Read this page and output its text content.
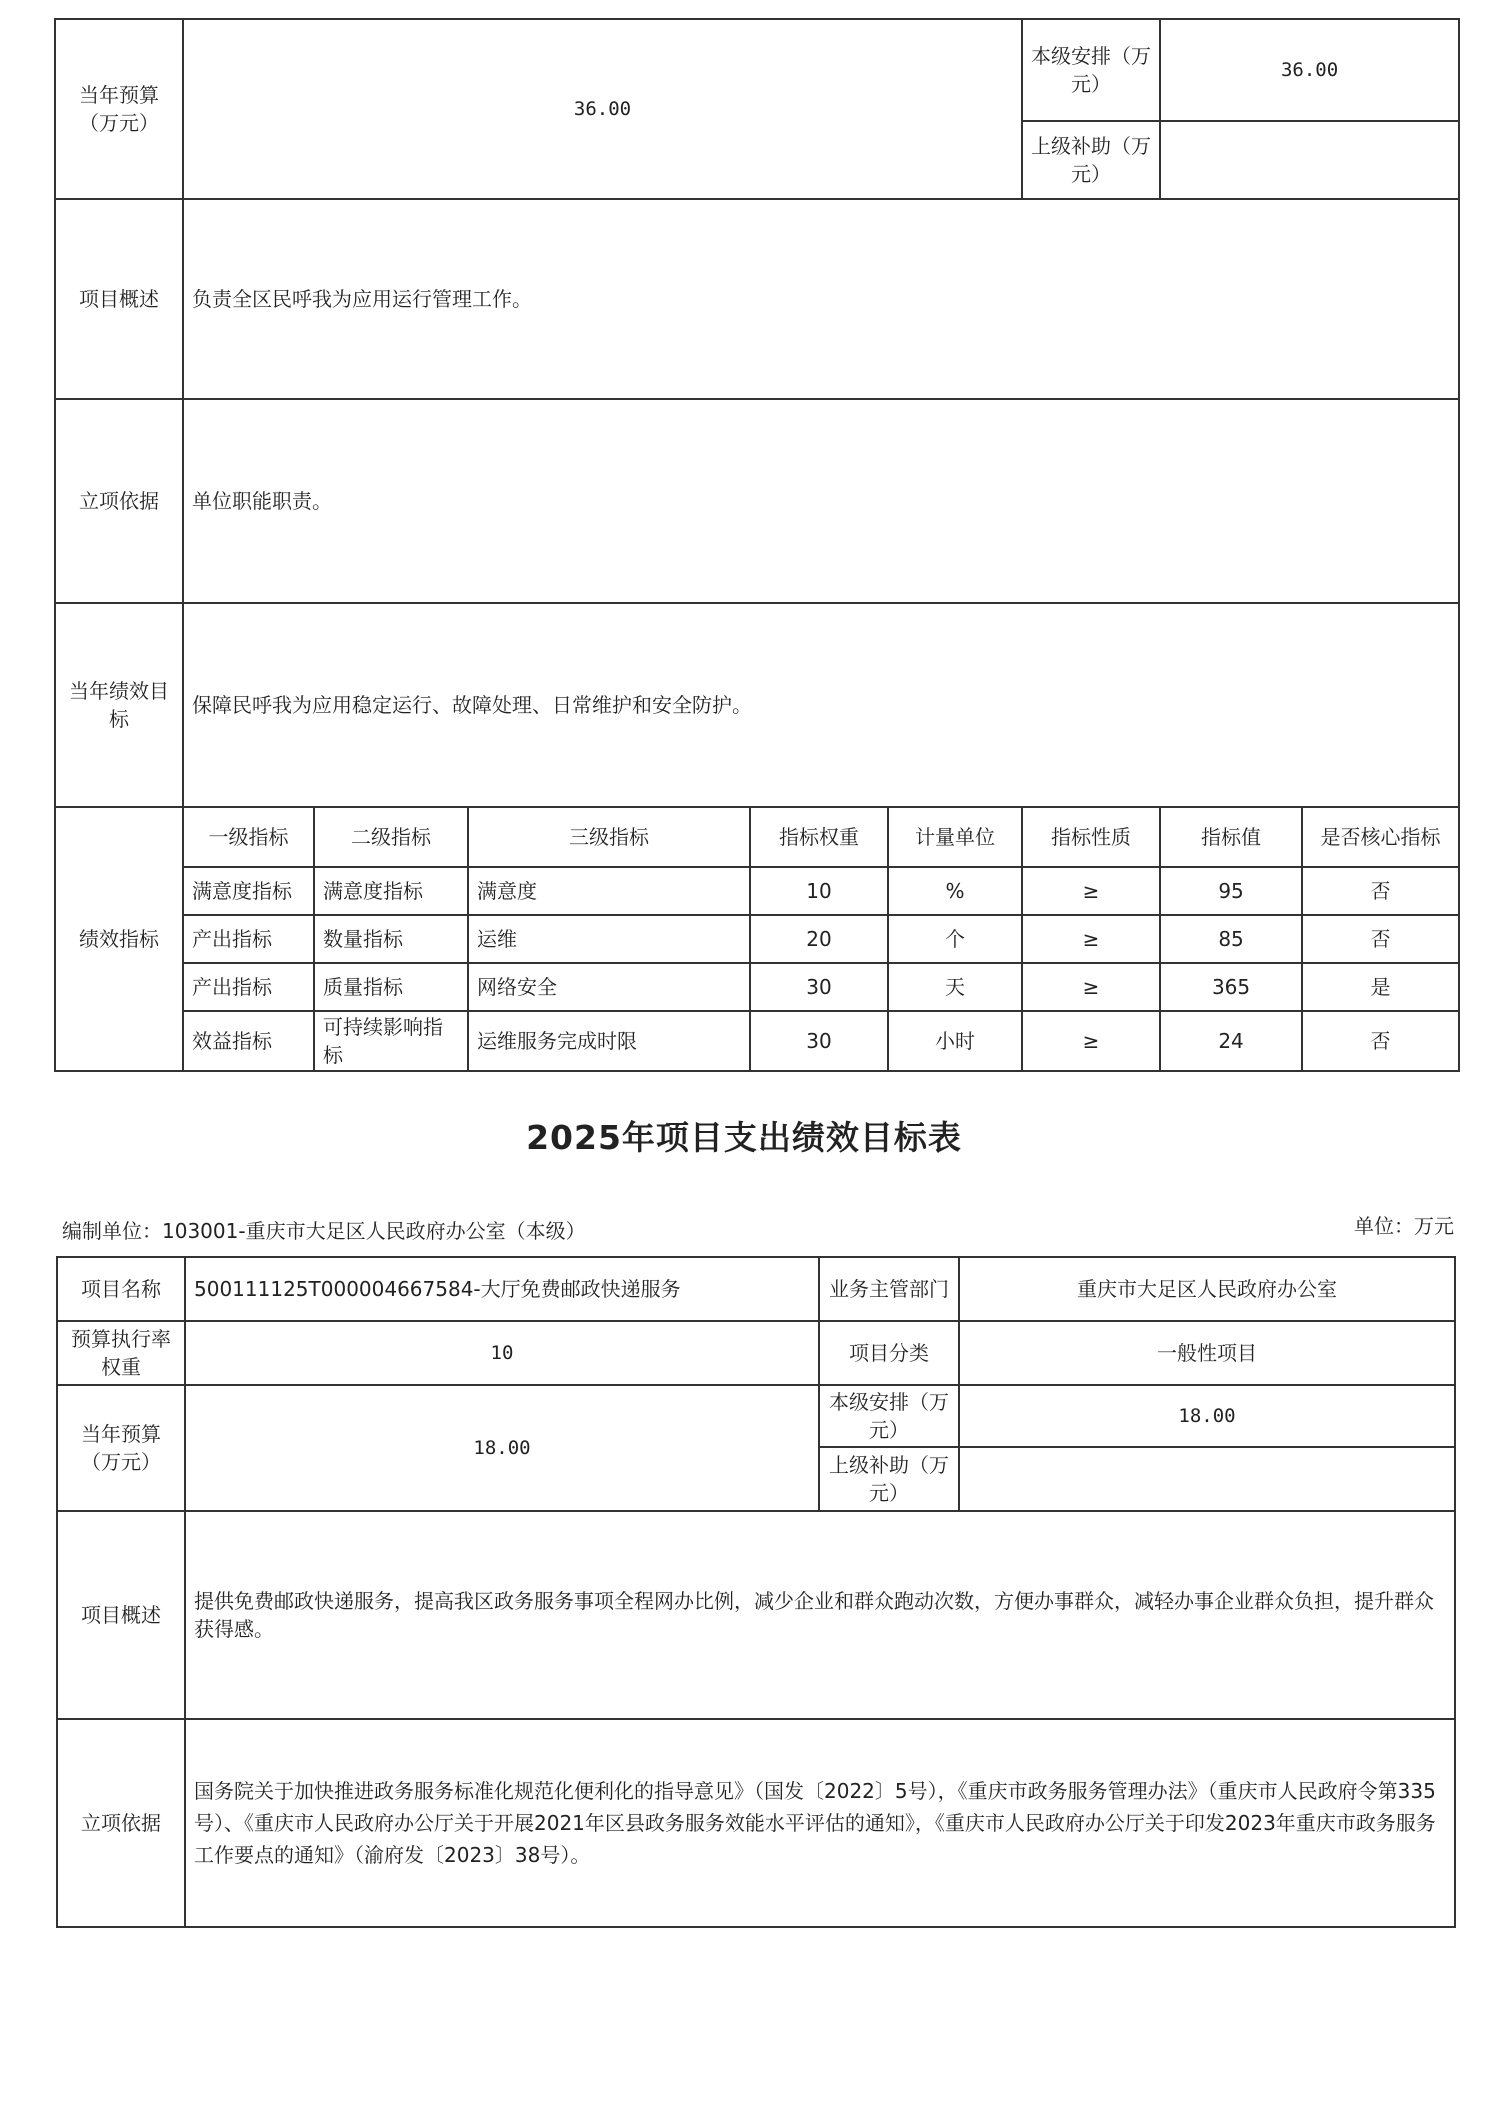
当年预算（万元）	36.00					本级安排（万元）	36.00	
						上级补助（万元）		
项目概述	负责全区民呼我为应用运行管理工作。							
立项依据	单位职能职责。							
当年绩效目标	保障民呼我为应用稳定运行、故障处理、日常维护和安全防护。							
绩效指标	一级指标	二级指标	三级指标	指标权重	计量单位	指标性质	指标值	是否核心指标
	满意度指标	满意度指标	满意度	10	%	≥	95	否
	产出指标	数量指标	运维	20	个	≥	85	否
	产出指标	质量指标	网络安全	30	天	≥	365	是
	效益指标	可持续影响指标	运维服务完成时限	30	小时	≥	24	否
2025年项目支出绩效目标表
编制单位：103001-重庆市大足区人民政府办公室（本级）	单位：万元
项目名称	500111125T000004667584-大厅免费邮政快递服务	业务主管部门	重庆市大足区人民政府办公室
预算执行率权重	10	项目分类	一般性项目
当年预算（万元）	18.00	本级安排（万元）	18.00
		上级补助（万元）	
项目概述	提供免费邮政快递服务，提高我区政务服务事项全程网办比例，减少企业和群众跑动次数，方便办事群众，减轻办事企业群众负担，提升群众获得感。		
立项依据	国务院关于加快推进政务服务标准化规范化便利化的指导意见》（国发〔2022〕5号），《重庆市政务服务管理办法》（重庆市人民政府令第335号）、《重庆市人民政府办公厅关于开展2021年区县政务服务效能水平评估的通知》，《重庆市人民政府办公厅关于印发2023年重庆市政务服务工作要点的通知》（渝府发〔2023〕38号）。		
